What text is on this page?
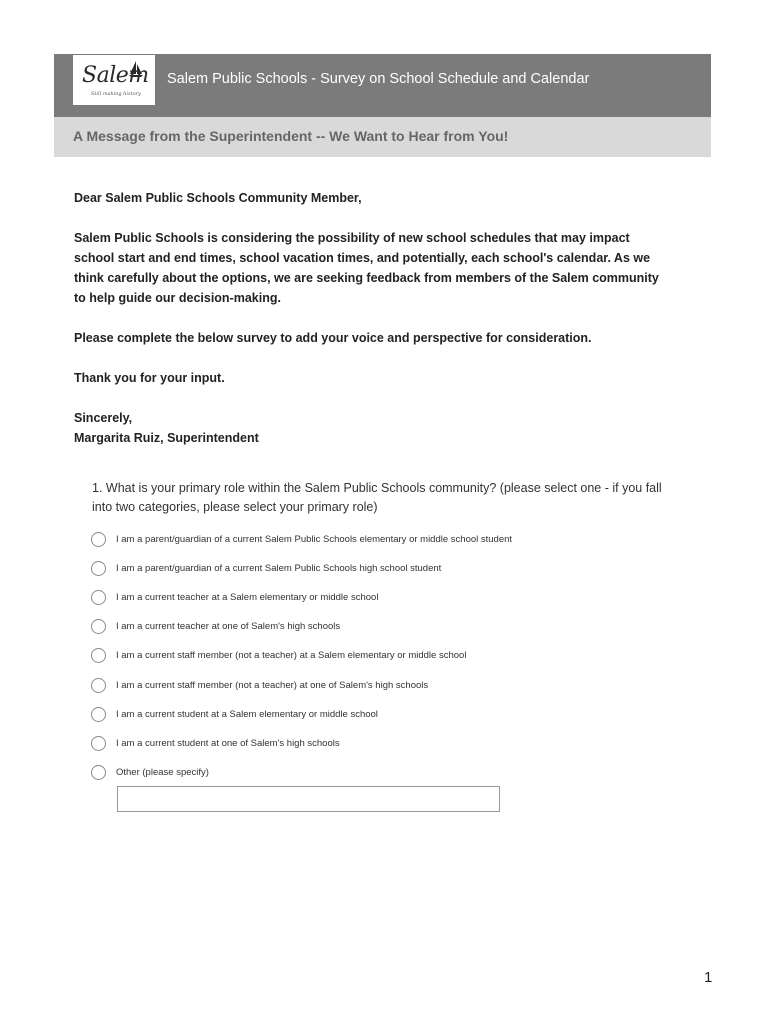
Salem
Still making history
Salem Public Schools - Survey on School Schedule and Calendar
A Message from the Superintendent -- We Want to Hear from You!

Dear Salem Public Schools Community Member,

Salem Public Schools is considering the possibility of new school schedules that may impact
school start and end times, school vacation times, and potentially, each school's calendar. As we
think carefully about the options, we are seeking feedback from members of the Salem community
to help guide our decision-making.

Please complete the below survey to add your voice and perspective for consideration.

Thank you for your input.

Sincerely,
Margarita Ruiz, Superintendent

1. What is your primary role within the Salem Public Schools community? (please select one - if you fall
into two categories, please select your primary role)
I am a parent/guardian of a current Salem Public Schools elementary or middle school student
I am a parent/guardian of a current Salem Public Schools high school student
I am a current teacher at a Salem elementary or middle school
I am a current teacher at one of Salem's high schools
I am a current staff member (not a teacher) at a Salem elementary or middle school
I am a current staff member (not a teacher) at one of Salem's high schools
I am a current student at a Salem elementary or middle school
I am a current student at one of Salem's high schools
Other (please specify)
1
